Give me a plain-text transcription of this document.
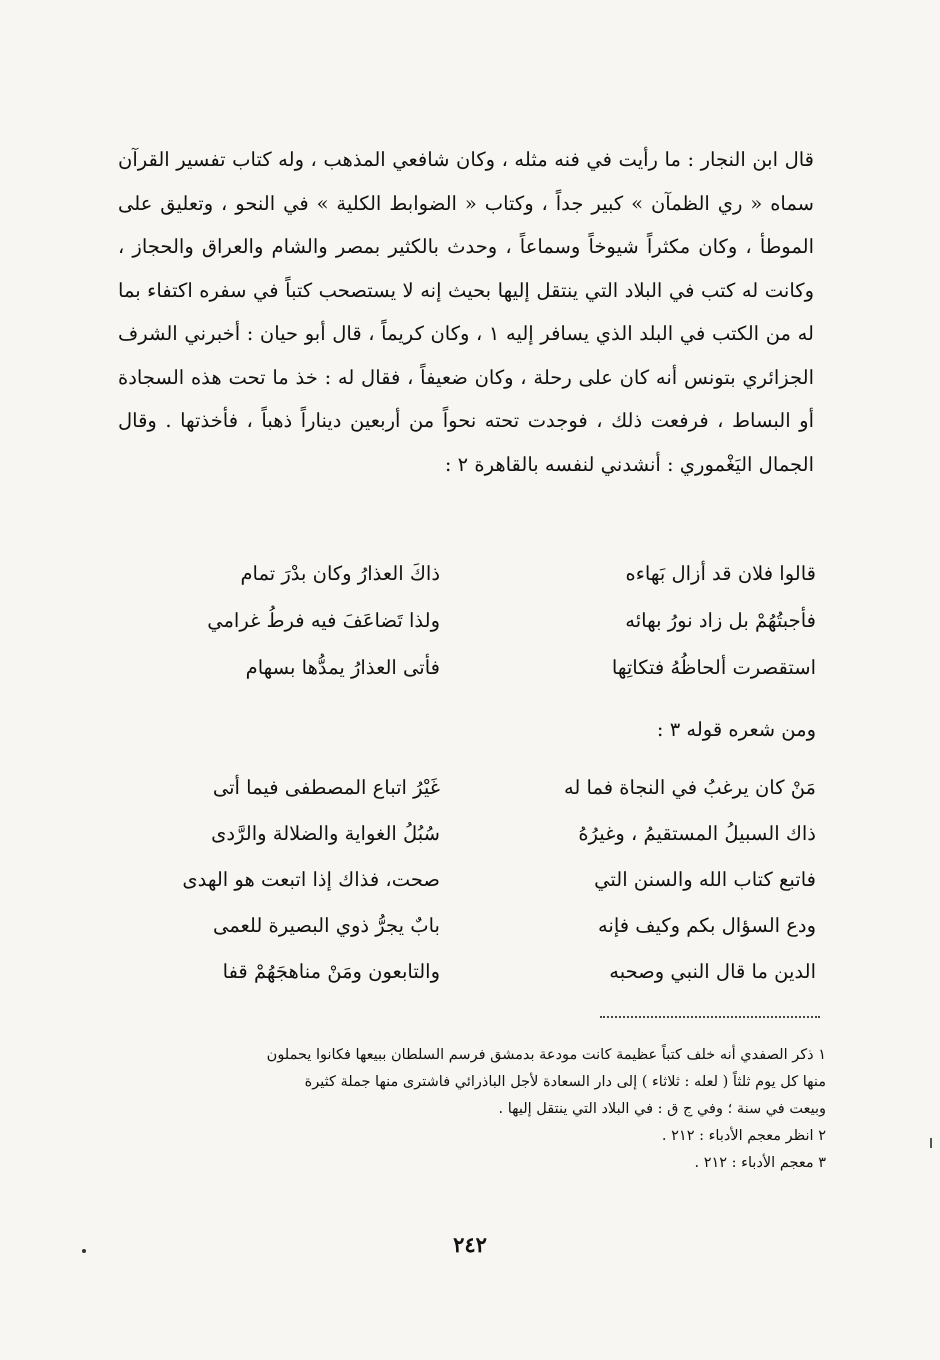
قال ابن النجار : ما رأيت في فنه مثله ، وكان شافعي المذهب ، وله كتاب تفسير القرآن سماه « ري الظمآن » كبير جداً ، وكتاب « الضوابط الكلية » في النحو ، وتعليق على الموطأ ، وكان مكثراً شيوخاً وسماعاً ، وحدث بالكثير بمصر والشام والعراق والحجاز ، وكانت له كتب في البلاد التي ينتقل إليها بحيث إنه لا يستصحب كتباً في سفره اكتفاء بما له من الكتب في البلد الذي يسافر إليه ١ ، وكان كريماً ، قال أبو حيان : أخبرني الشرف الجزائري بتونس أنه كان على رحلة ، وكان ضعيفاً ، فقال له : خذ ما تحت هذه السجادة أو البساط ، فرفعت ذلك ، فوجدت تحته نحواً من أربعين ديناراً ذهباً ، فأخذتها . وقال الجمال اليَغْموري : أنشدني لنفسه بالقاهرة ٢ :

قالوا فلان قد أزال بَهاءه
ذاكَ العذارُ وكان بدْرَ تمام
فأجبتُهُمْ بل زاد نورُ بهائه
ولذا تَضاعَفَ فيه فرطُ غرامي
استقصرت ألحاظُهُ فتكاتِها
فأتى العذارُ يمدُّها بسهام
ومن شعره قوله ٣ :
مَنْ كان يرغبُ في النجاة فما له
غَيْرُ اتباع المصطفى فيما أتى
ذاك السبيلُ المستقيمُ ، وغيرُهُ
سُبُلُ الغواية والضلالة والرَّدى
فاتبع كتاب الله والسنن التي
صحت، فذاك إذا اتبعت هو الهدى
ودع السؤال بكم وكيف فإنه
بابٌ يجرُّ ذوي البصيرة للعمى
الدين ما قال النبي وصحبه
والتابعون ومَنْ مناهجَهُمْ قفا
١ ذكر الصفدي أنه خلف كتباً عظيمة كانت مودعة بدمشق فرسم السلطان ببيعها فكانوا يحملون
منها كل يوم ثلثاً ( لعله : ثلاثاء ) إلى دار السعادة لأجل الباذرائي فاشترى منها جملة كثيرة
وبيعت في سنة ؛ وفي ج ق : في البلاد التي ينتقل إليها .
٢ انظر معجم الأدباء : ٢١٢ .
٣ معجم الأدباء : ٢١٢ .
٢٤٢
